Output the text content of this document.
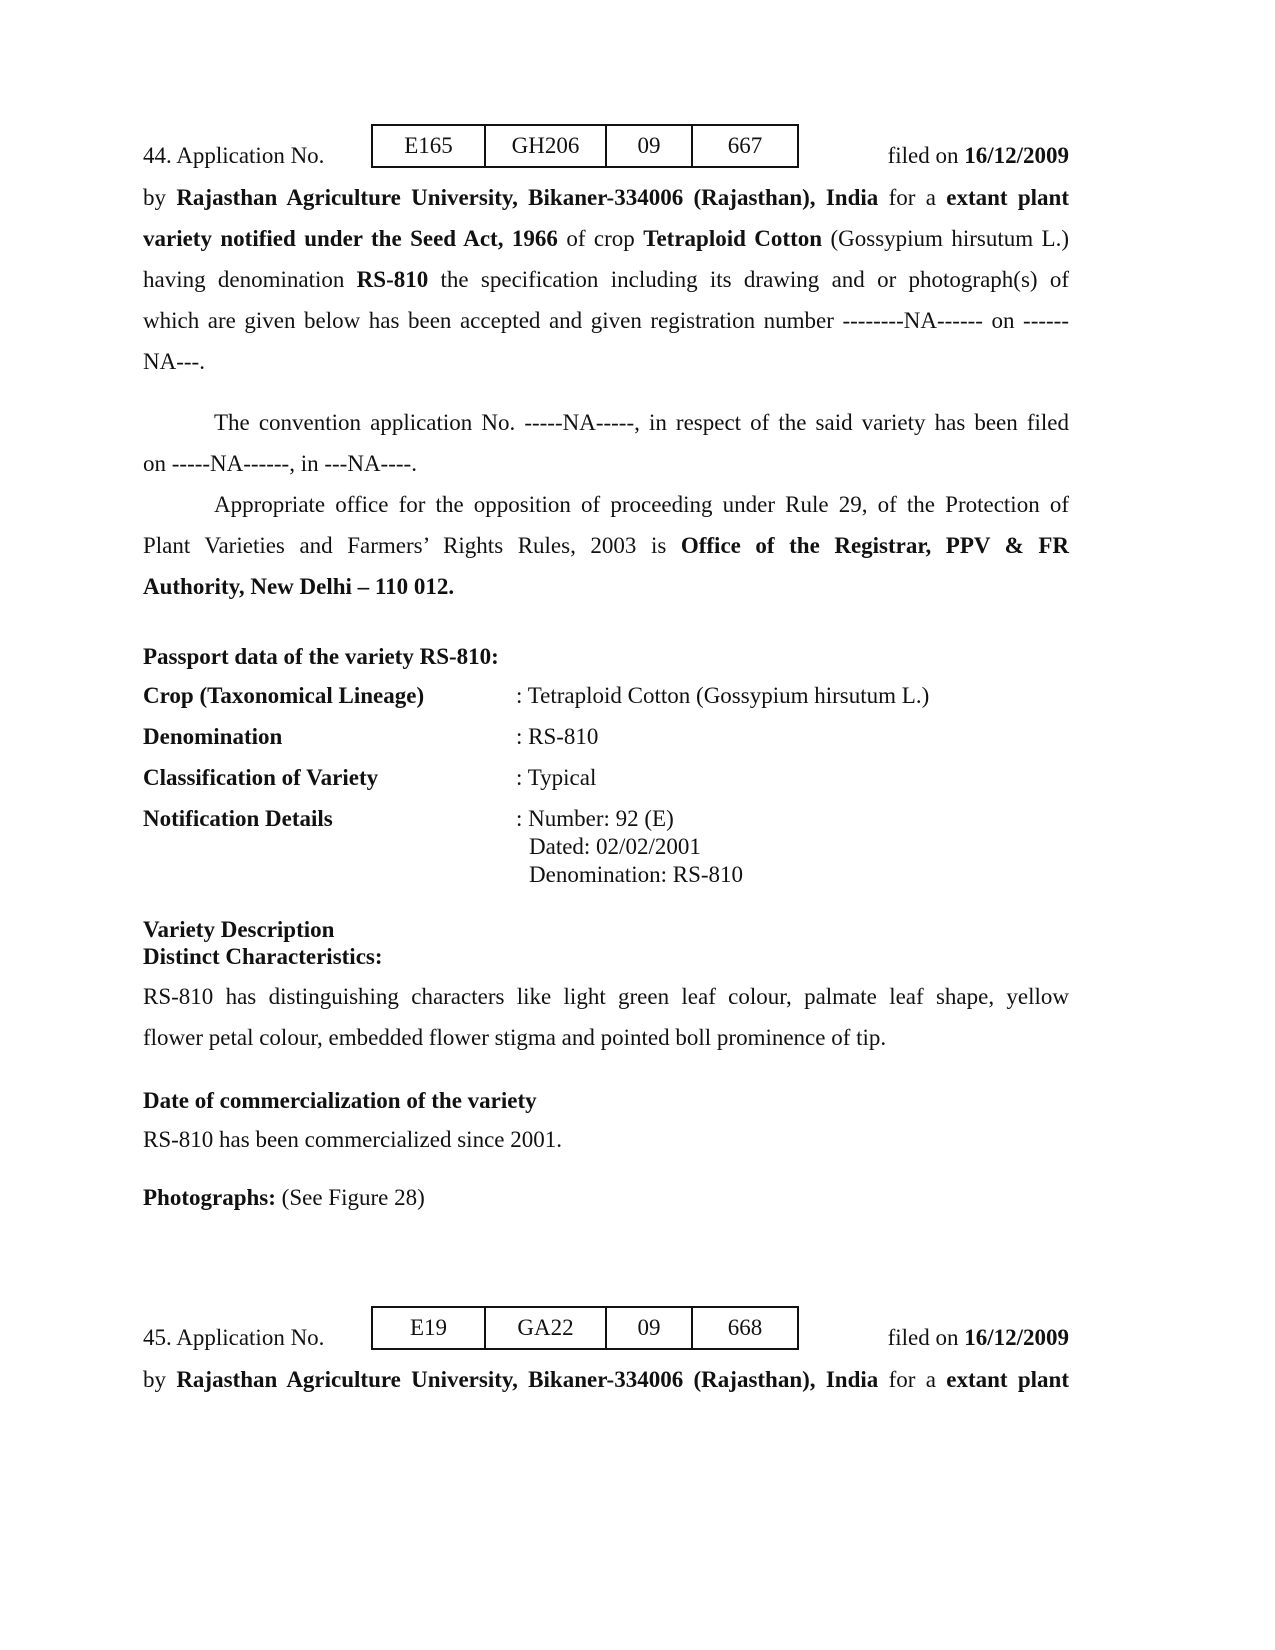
44. Application No.	E165	GH206	09	667	filed on 16/12/2009
by Rajasthan Agriculture University, Bikaner-334006 (Rajasthan), India for a extant plant
variety notified under the Seed Act, 1966 of crop Tetraploid Cotton (Gossypium hirsutum L.)
having denomination RS-810 the specification including its drawing and or photograph(s) of
which are given below has been accepted and given registration number --------NA------ on ------
NA---.
The convention application No. -----NA-----, in respect of the said variety has been filed
on -----NA------, in ---NA----.
Appropriate office for the opposition of proceeding under Rule 29, of the Protection of
Plant Varieties and Farmers’ Rights Rules, 2003 is Office of the Registrar, PPV & FR
Authority, New Delhi – 110 012.
Passport data of the variety RS-810:
Crop (Taxonomical Lineage)	: Tetraploid Cotton (Gossypium hirsutum L.)
Denomination	: RS-810
Classification of Variety	: Typical
Notification Details	: Number: 92 (E)
Dated: 02/02/2001
Denomination: RS-810
Variety Description
Distinct Characteristics:
RS-810 has distinguishing characters like light green leaf colour, palmate leaf shape, yellow
flower petal colour, embedded flower stigma and pointed boll prominence of tip.
Date of commercialization of the variety
RS-810 has been commercialized since 2001.
Photographs: (See Figure 28)
45. Application No.	E19	GA22	09	668	filed on 16/12/2009
by Rajasthan Agriculture University, Bikaner-334006 (Rajasthan), India for a extant plant
